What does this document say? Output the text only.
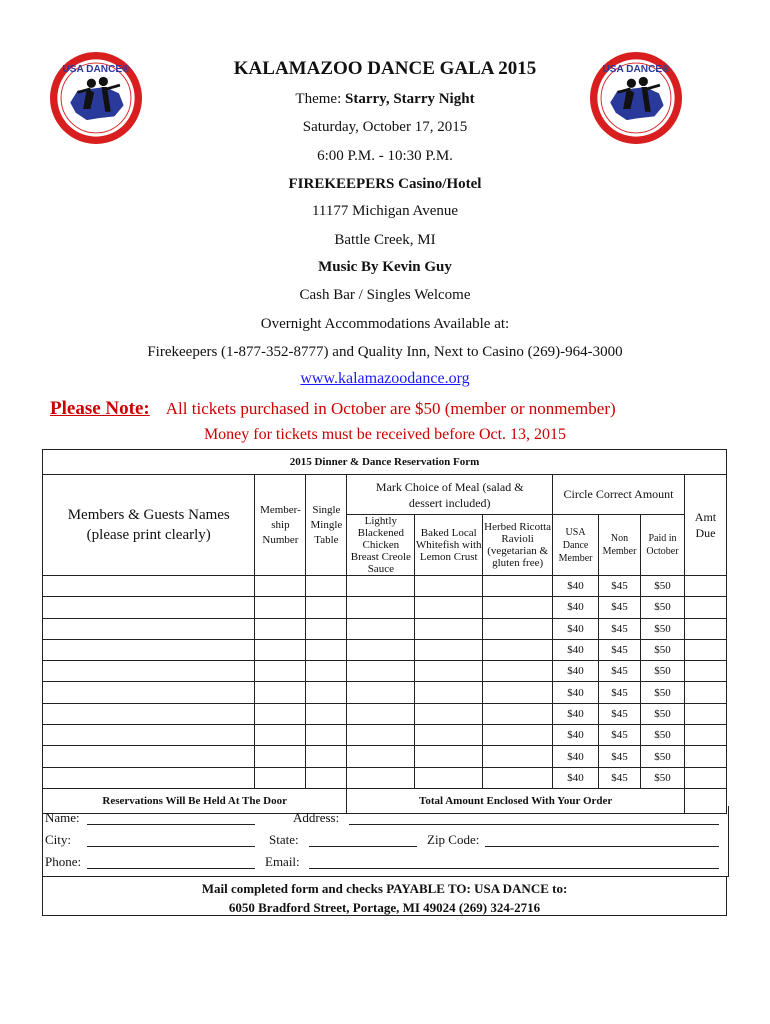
USA DANCE®	USA DANCE®
KALAMAZOO DANCE GALA 2015
Theme: Starry, Starry Night
Saturday, October 17, 2015
6:00 P.M. - 10:30 P.M.
FIREKEEPERS Casino/Hotel
11177 Michigan Avenue
Battle Creek, MI
Music By Kevin Guy
Cash Bar / Singles Welcome
Overnight Accommodations Available at:
Firekeepers (1-877-352-8777) and Quality Inn, Next to Casino (269)-964-3000
www.kalamazoodance.org
Please Note: All tickets purchased in October are $50 (member or nonmember)
Money for tickets must be received before Oct. 13, 2015
2015 Dinner & Dance Reservation Form									
Members & Guests Names (please print clearly)	Member-ship Number	Single Mingle Table	Mark Choice of Meal (salad & dessert included)			Circle Correct Amount			Amt Due
			Lightly Blackened Chicken Breast Creole Sauce	Baked Local Whitefish with Lemon Crust	Herbed Ricotta Ravioli (vegetarian & gluten free)	USA Dance Member	Non Member	Paid in October	
						$40	$45	$50	
						$40	$45	$50	
						$40	$45	$50	
						$40	$45	$50	
						$40	$45	$50	
						$40	$45	$50	
						$40	$45	$50	
						$40	$45	$50	
						$40	$45	$50	
						$40	$45	$50	
Reservations Will Be Held At The Door			Total Amount Enclosed With Your Order						
Name:	Address:
City:	State:	Zip Code:
Phone:	Email:
Mail completed form and checks PAYABLE TO: USA DANCE to:
6050 Bradford Street, Portage, MI 49024 (269) 324-2716
